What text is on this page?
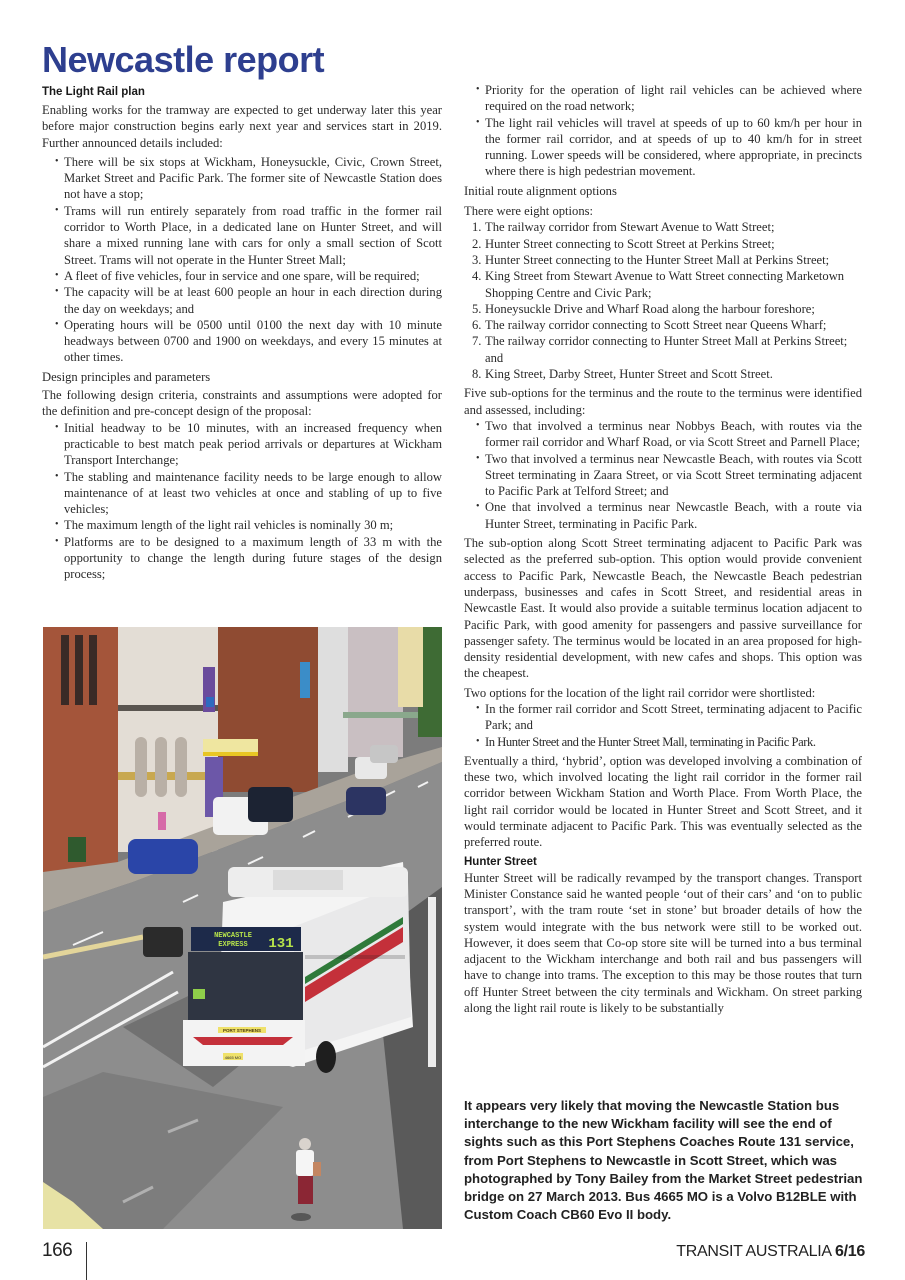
Newcastle report
The Light Rail plan

Enabling works for the tramway are expected to get underway later this year before major construction begins early next year and services start in 2019. Further announced details included:

• There will be six stops at Wickham, Honeysuckle, Civic, Crown Street, Market Street and Pacific Park. The former site of Newcastle Station does not have a stop;
• Trams will run entirely separately from road traffic in the former rail corridor to Worth Place, in a dedicated lane on Hunter Street, and will share a mixed running lane with cars for only a small section of Scott Street. Trams will not operate in the Hunter Street Mall;
• A fleet of five vehicles, four in service and one spare, will be required;
• The capacity will be at least 600 people an hour in each direction during the day on weekdays; and
• Operating hours will be 0500 until 0100 the next day with 10 minute headways between 0700 and 1900 on weekdays, and every 15 minutes at other times.
Design principles and parameters

The following design criteria, constraints and assumptions were adopted for the definition and pre-concept design of the proposal:

• Initial headway to be 10 minutes, with an increased frequency when practicable to best match peak period arrivals or departures at Wickham Transport Interchange;
• The stabling and maintenance facility needs to be large enough to allow maintenance of at least two vehicles at once and stabling of up to five vehicles;
• The maximum length of the light rail vehicles is nominally 30 m;
• Platforms are to be designed to a maximum length of 33 m with the opportunity to change the length during future stages of the design process;
NEWCASTLE
EXPRESS 131
PORT STEPHENS
4665 MO
• Priority for the operation of light rail vehicles can be achieved where required on the road network;
• The light rail vehicles will travel at speeds of up to 60 km/h per hour in the former rail corridor, and at speeds of up to 40 km/h for in street running. Lower speeds will be considered, where appropriate, in precincts where there is high pedestrian movement.
Initial route alignment options

There were eight options:

1. The railway corridor from Stewart Avenue to Watt Street;
2. Hunter Street connecting to Scott Street at Perkins Street;
3. Hunter Street connecting to the Hunter Street Mall at Perkins Street;
4. King Street from Stewart Avenue to Watt Street connecting Marketown Shopping Centre and Civic Park;
5. Honeysuckle Drive and Wharf Road along the harbour foreshore;
6. The railway corridor connecting to Scott Street near Queens Wharf;
7. The railway corridor connecting to Hunter Street Mall at Perkins Street; and
8. King Street, Darby Street, Hunter Street and Scott Street.

Five sub-options for the terminus and the route to the terminus were identified and assessed, including:

• Two that involved a terminus near Nobbys Beach, with routes via the former rail corridor and Wharf Road, or via Scott Street and Parnell Place;
• Two that involved a terminus near Newcastle Beach, with routes via Scott Street terminating in Zaara Street, or via Scott Street terminating adjacent to Pacific Park at Telford Street; and
• One that involved a terminus near Newcastle Beach, with a route via Hunter Street, terminating in Pacific Park.

The sub-option along Scott Street terminating adjacent to Pacific Park was selected as the preferred sub-option. This option would provide convenient access to Pacific Park, Newcastle Beach, the Newcastle Beach pedestrian underpass, businesses and cafes in Scott Street, and residential areas in Newcastle East. It would also provide a suitable terminus location adjacent to Pacific Park, with good amenity for passengers and passive surveillance for passenger safety. The terminus would be located in an area proposed for high-density residential development, with new cafes and shops. This option was the cheapest.

Two options for the location of the light rail corridor were shortlisted:

• In the former rail corridor and Scott Street, terminating adjacent to Pacific Park; and
• In Hunter Street and the Hunter Street Mall, terminating in Pacific Park.

Eventually a third, ‘hybrid’, option was developed involving a combination of these two, which involved locating the light rail corridor in the former rail corridor between Wickham Station and Worth Place. From Worth Place, the light rail corridor would be located in Hunter Street and Scott Street, and it would terminate adjacent to Pacific Park. This was eventually selected as the preferred route.

Hunter Street

Hunter Street will be radically revamped by the transport changes. Transport Minister Constance said he wanted people ‘out of their cars’ and ‘on to public transport’, with the tram route ‘set in stone’ but broader details of how the system would integrate with the bus network were still to be worked out. However, it does seem that Co-op store site will be turned into a bus terminal adjacent to the Wickham interchange and both rail and bus passengers will have to change into trams. The exception to this may be those routes that turn off Hunter Street between the city terminals and Wickham. On street parking along the light rail route is likely to be substantially

It appears very likely that moving the Newcastle Station bus interchange to the new Wickham facility will see the end of sights such as this Port Stephens Coaches Route 131 service, from Port Stephens to Newcastle in Scott Street, which was photographed by Tony Bailey from the Market Street pedestrian bridge on 27 March 2013. Bus 4665 MO is a Volvo B12BLE with Custom Coach CB60 Evo II body.
166	TRANSIT AUSTRALIA 6/16
